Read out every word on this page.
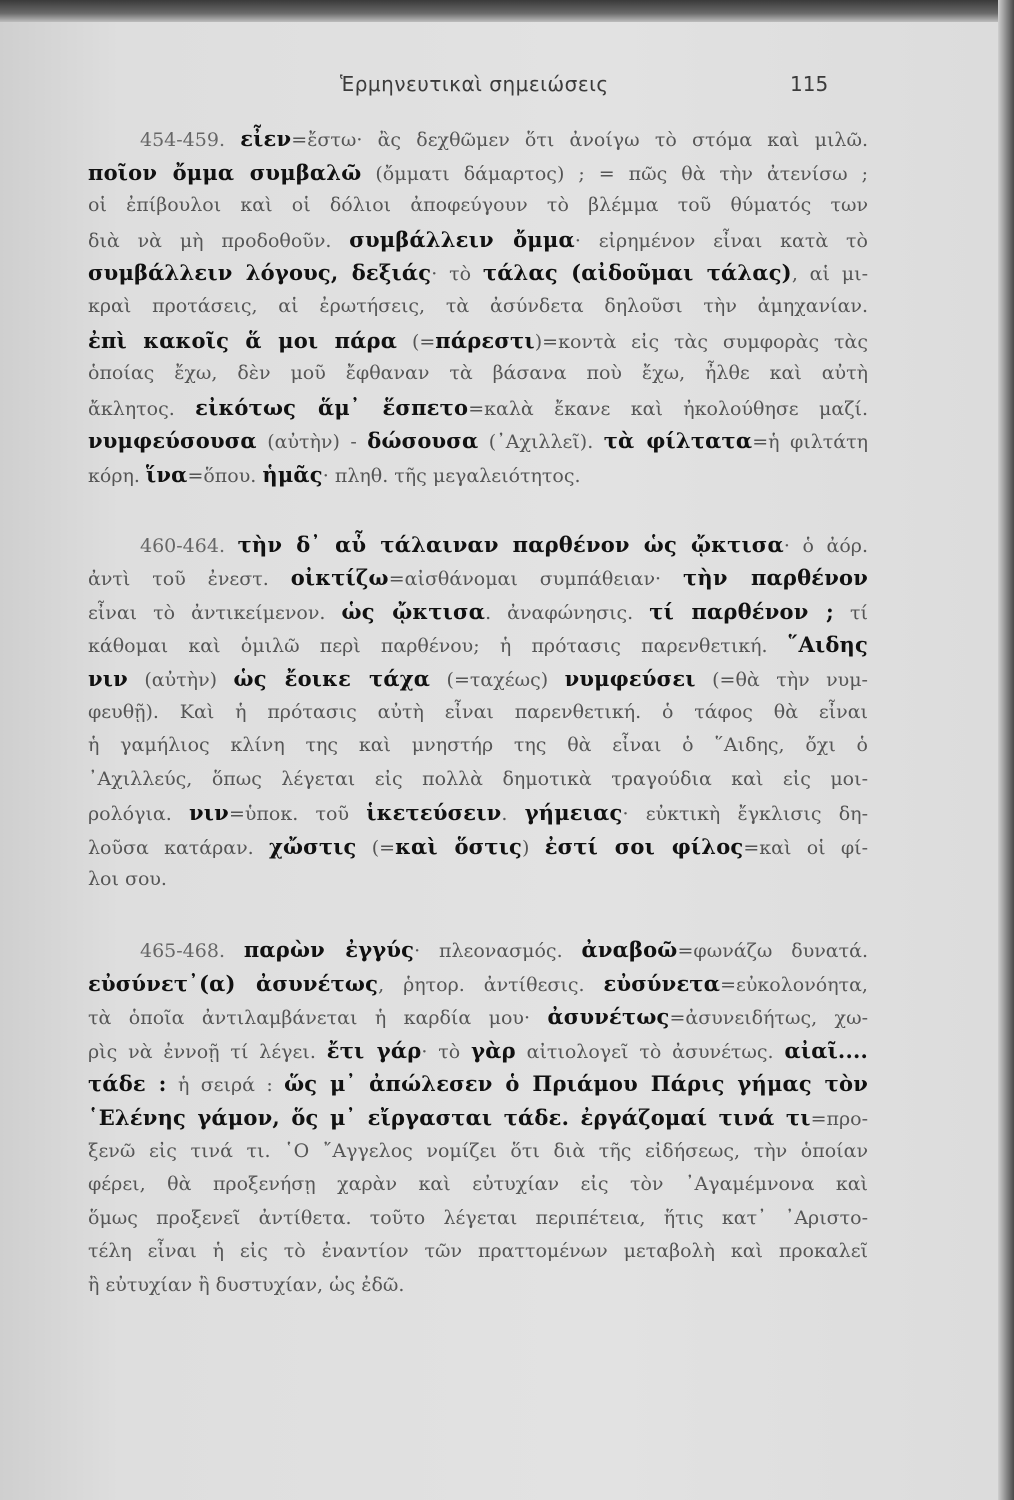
Ἑρμηνευτικαὶ σημειώσεις	115
454-459. εἶεν=ἔστω· ἂς δεχθῶμεν ὅτι ἀνοίγω τὸ στόμα καὶ μιλῶ.
ποῖον ὄμμα συμβαλῶ (ὄμματι δάμαρτος) ; = πῶς θὰ τὴν ἀτενίσω ;
οἱ ἐπίβουλοι καὶ οἱ δόλιοι ἀποφεύγουν τὸ βλέμμα τοῦ θύματός των
διὰ νὰ μὴ προδοθοῦν. συμβάλλειν ὄμμα· εἰρημένον εἶναι κατὰ τὸ
συμβάλλειν λόγους, δεξιάς· τὸ τάλας (αἰδοῦμαι τάλας), αἱ μι-
κραὶ προτάσεις, αἱ ἐρωτήσεις, τὰ ἀσύνδετα δηλοῦσι τὴν ἀμηχανίαν.
ἐπὶ κακοῖς ἅ μοι πάρα (=πάρεστι)=κοντὰ εἰς τὰς συμφορὰς τὰς
ὁποίας ἔχω, δὲν μοῦ ἔφθαναν τὰ βάσανα ποὺ ἔχω, ἦλθε καὶ αὐτὴ
ἄκλητος. εἰκότως ἅμ᾿ ἕσπετο=καλὰ ἔκανε καὶ ἠκολούθησε μαζί.
νυμφεύσουσα (αὐτὴν) - δώσουσα (᾿Αχιλλεῖ). τὰ φίλτατα=ἡ φιλτάτη
κόρη. ἵνα=ὅπου. ἡμᾶς· πληθ. τῆς μεγαλειότητος.
460-464. τὴν δ᾿ αὖ τάλαιναν παρθένον ὡς ᾤκτισα· ὁ ἀόρ.
ἀντὶ τοῦ ἐνεστ. οἰκτίζω=αἰσθάνομαι συμπάθειαν· τὴν παρθένον
εἶναι τὸ ἀντικείμενον. ὡς ᾤκτισα. ἀναφώνησις. τί παρθένον ; τί
κάθομαι καὶ ὁμιλῶ περὶ παρθένου; ἡ πρότασις παρενθετική. ῞Αιδης
νιν (αὐτὴν) ὡς ἔοικε τάχα (=ταχέως) νυμφεύσει (=θὰ τὴν νυμ-
φευθῇ). Καὶ ἡ πρότασις αὐτὴ εἶναι παρενθετική. ὁ τάφος θὰ εἶναι
ἡ γαμήλιος κλίνη της καὶ μνηστήρ της θὰ εἶναι ὁ ῞Αιδης, ὄχι ὁ
᾿Αχιλλεύς, ὅπως λέγεται εἰς πολλὰ δημοτικὰ τραγούδια καὶ εἰς μοι-
ρολόγια. νιν=ὑποκ. τοῦ ἱκετεύσειν. γήμειας· εὐκτικὴ ἔγκλισις δη-
λοῦσα κατάραν. χὤστις (=καὶ ὅστις) ἐστί σοι φίλος=καὶ οἱ φί-
λοι σου.
465-468. παρὼν ἐγγύς· πλεονασμός. ἀναβοῶ=φωνάζω δυνατά.
εὐσύνετ᾿(α) ἀσυνέτως, ῥητορ. ἀντίθεσις. εὐσύνετα=εὐκολονόητα,
τὰ ὁποῖα ἀντιλαμβάνεται ἡ καρδία μου· ἀσυνέτως=ἀσυνειδήτως, χω-
ρὶς νὰ ἐννοῇ τί λέγει. ἔτι γάρ· τὸ γὰρ αἰτιολογεῖ τὸ ἀσυνέτως. αἰαῖ....
τάδε : ἡ σειρά : ὥς μ᾿ ἀπώλεσεν ὁ Πριάμου Πάρις γήμας τὸν
῾Ελένης γάμον, ὅς μ᾿ εἴργασται τάδε. ἐργάζομαί τινά τι=προ-
ξενῶ εἰς τινά τι. ῾Ο ῎Αγγελος νομίζει ὅτι διὰ τῆς εἰδήσεως, τὴν ὁποίαν
φέρει, θὰ προξενήσῃ χαρὰν καὶ εὐτυχίαν εἰς τὸν ᾿Αγαμέμνονα καὶ
ὅμως προξενεῖ ἀντίθετα. τοῦτο λέγεται περιπέτεια, ἥτις κατ᾿ ᾿Αριστο-
τέλη εἶναι ἡ εἰς τὸ ἐναντίον τῶν πραττομένων μεταβολὴ καὶ προκαλεῖ
ἢ εὐτυχίαν ἢ δυστυχίαν, ὡς ἐδῶ.
